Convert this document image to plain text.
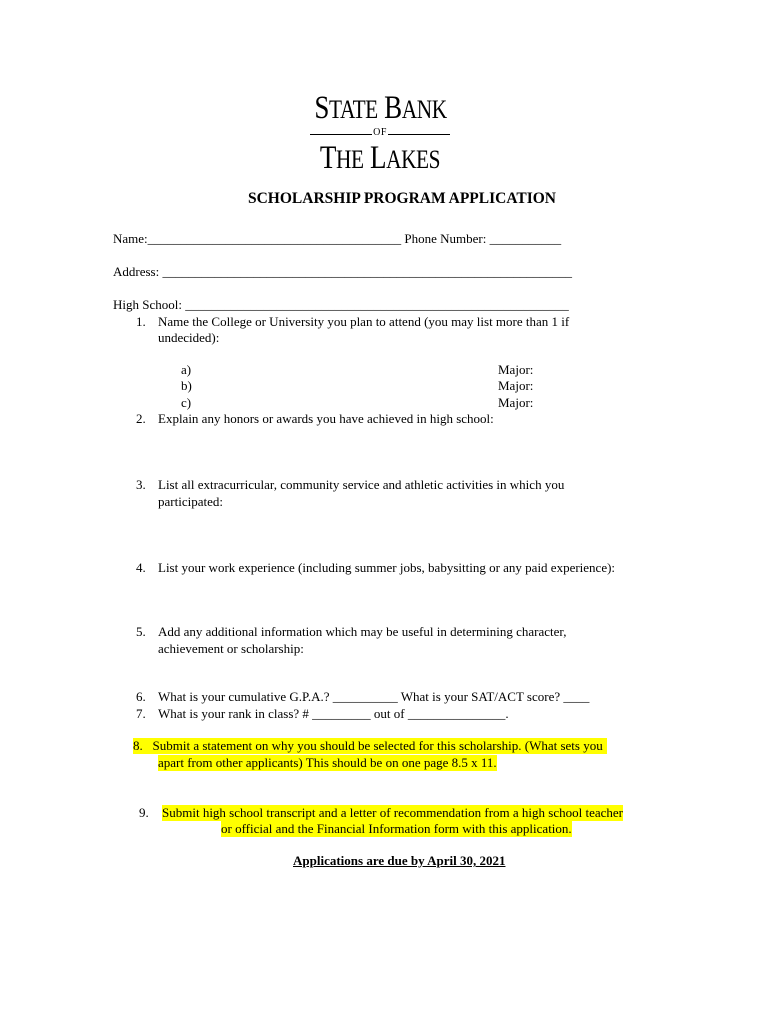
STATE BANK
OF
THE LAKES
SCHOLARSHIP PROGRAM APPLICATION
Name:_______________________________________ Phone Number: ___________
Address: _______________________________________________________________
High School: ___________________________________________________________
1. Name the College or University you plan to attend (you may list more than 1 if
undecided):
a)	Major:
b)	Major:
c)	Major:
2. Explain any honors or awards you have achieved in high school:
3. List all extracurricular, community service and athletic activities in which you
participated:
4. List your work experience (including summer jobs, babysitting or any paid experience):
5. Add any additional information which may be useful in determining character,
achievement or scholarship:
6. What is your cumulative G.P.A.? __________ What is your SAT/ACT score? ____
7. What is your rank in class? # _________ out of _______________.
8. Submit a statement on why you should be selected for this scholarship. (What sets you
apart from other applicants) This should be on one page 8.5 x 11.
9. Submit high school transcript and a letter of recommendation from a high school teacher
or official and the Financial Information form with this application.
Applications are due by April 30, 2021
